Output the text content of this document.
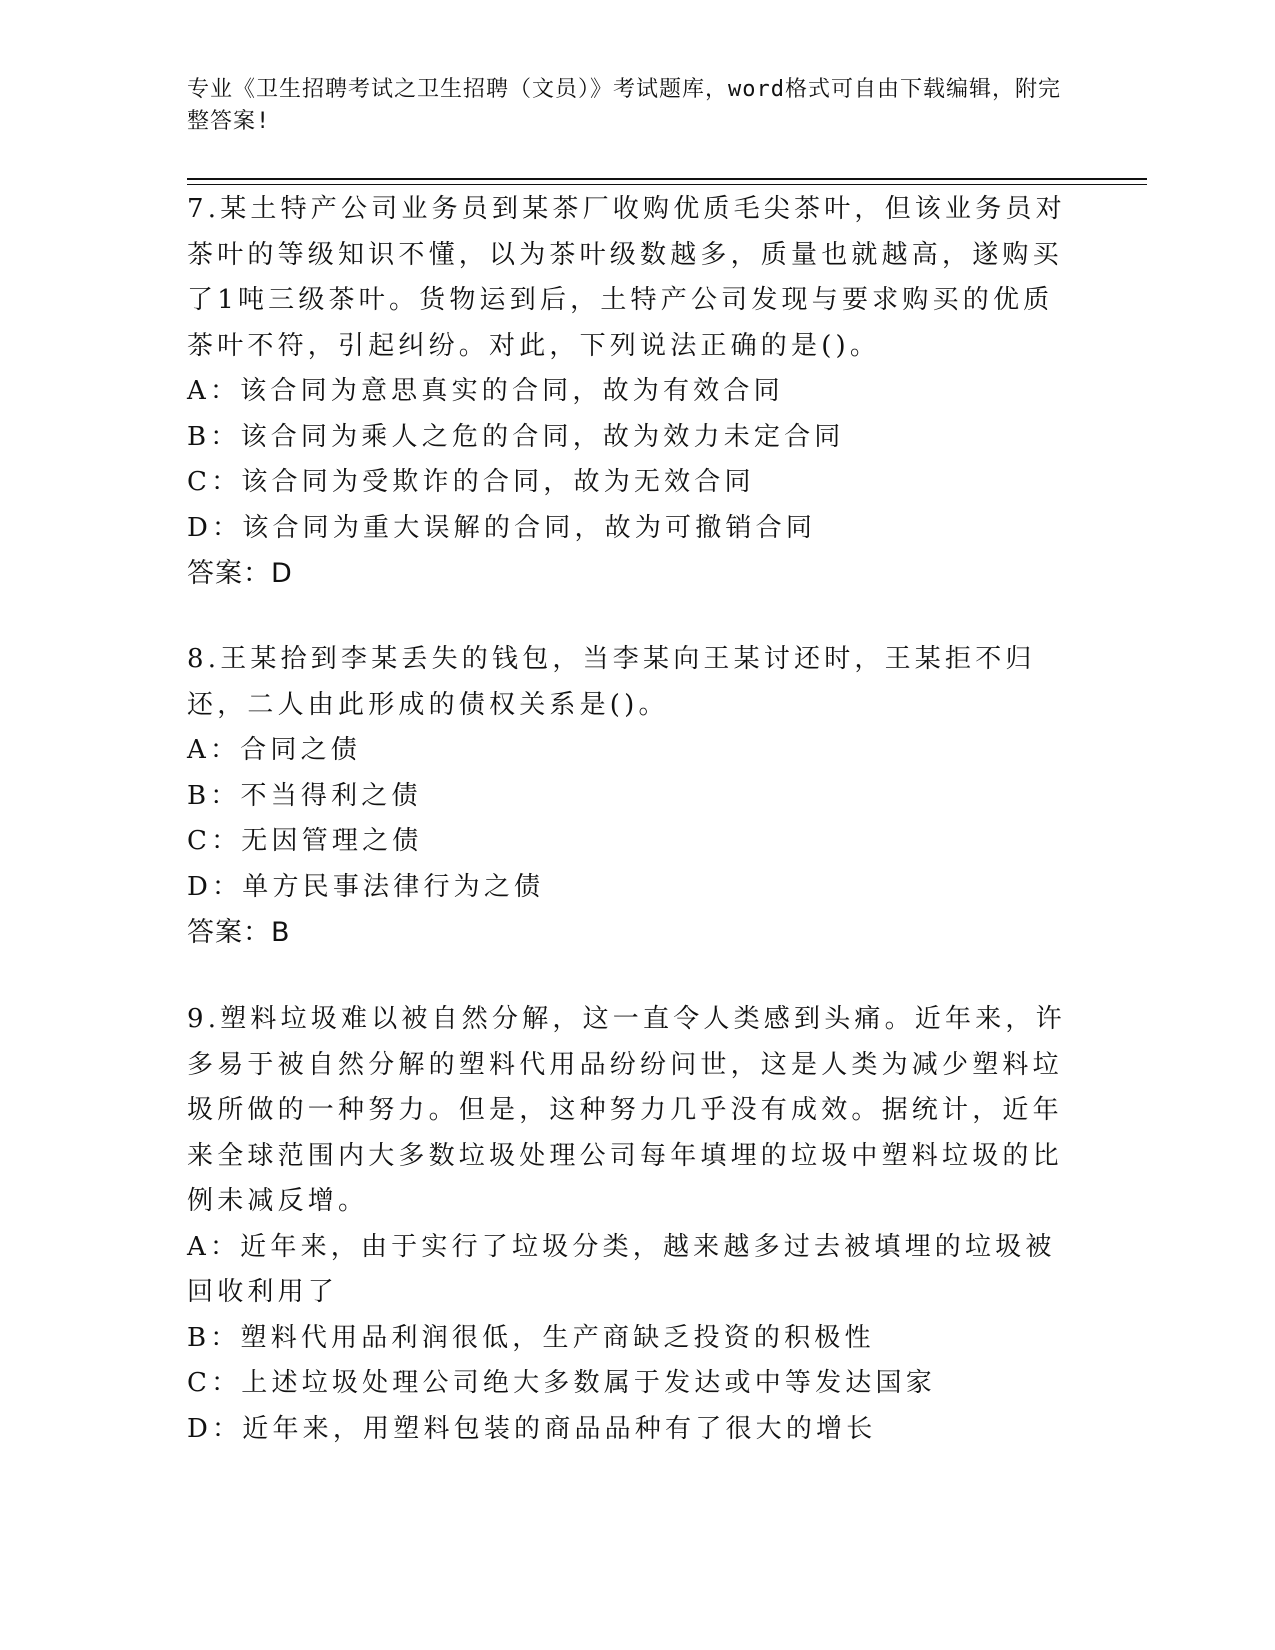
专业《卫生招聘考试之卫生招聘（文员）》考试题库，word格式可自由下载编辑，附完整答案!

7.某土特产公司业务员到某茶厂收购优质毛尖茶叶，但该业务员对茶叶的等级知识不懂，以为茶叶级数越多，质量也就越高，遂购买了1吨三级茶叶。货物运到后，土特产公司发现与要求购买的优质茶叶不符，引起纠纷。对此，下列说法正确的是()。

A：该合同为意思真实的合同，故为有效合同

B：该合同为乘人之危的合同，故为效力未定合同

C：该合同为受欺诈的合同，故为无效合同

D：该合同为重大误解的合同，故为可撤销合同

答案：D

8.王某拾到李某丢失的钱包，当李某向王某讨还时，王某拒不归还，二人由此形成的债权关系是()。

A：合同之债

B：不当得利之债

C：无因管理之债

D：单方民事法律行为之债

答案：B

9.塑料垃圾难以被自然分解，这一直令人类感到头痛。近年来，许多易于被自然分解的塑料代用品纷纷问世，这是人类为减少塑料垃圾所做的一种努力。但是，这种努力几乎没有成效。据统计，近年来全球范围内大多数垃圾处理公司每年填埋的垃圾中塑料垃圾的比例未减反增。

A：近年来，由于实行了垃圾分类，越来越多过去被填埋的垃圾被回收利用了

B：塑料代用品利润很低，生产商缺乏投资的积极性

C：上述垃圾处理公司绝大多数属于发达或中等发达国家

D：近年来，用塑料包装的商品品种有了很大的增长
